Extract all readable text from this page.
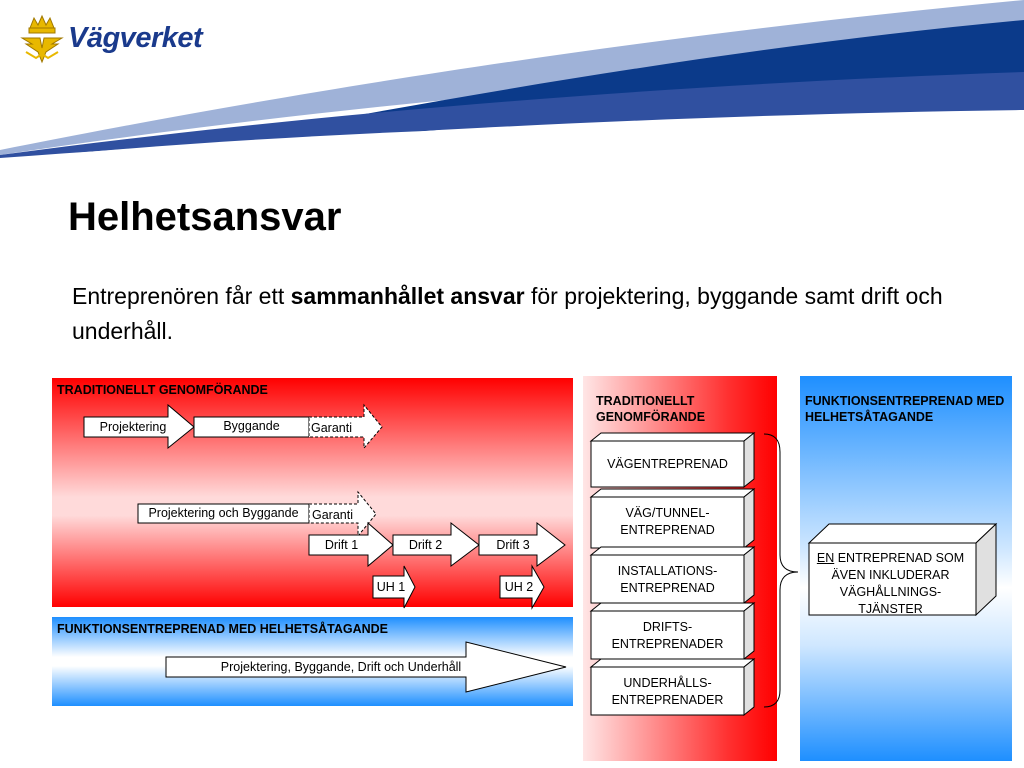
Vägverket
Helhetsansvar
Entreprenören får ett sammanhållet ansvar för projektering, byggande samt drift och underhåll.
TRADITIONELLT GENOMFÖRANDE
FUNKTIONSENTREPRENAD MED HELHETSÅTAGANDE
TRADITIONELLT GENOMFÖRANDE
FUNKTIONSENTREPRENAD MED HELHETSÅTAGANDE
Projektering	Byggande	Garanti
Projektering och Byggande	Garanti
Drift 1	Drift 2	Drift 3
UH 1	UH 2
Projektering, Byggande, Drift och Underhåll
VÄGENTREPRENAD
VÄG/TUNNEL-ENTREPRENAD
INSTALLATIONS-ENTREPRENAD
DRIFTS-ENTREPRENADER
UNDERHÅLLS-ENTREPRENADER
EN ENTREPRENAD SOM ÄVEN INKLUDERAR VÄGHÅLLNINGS-TJÄNSTER
